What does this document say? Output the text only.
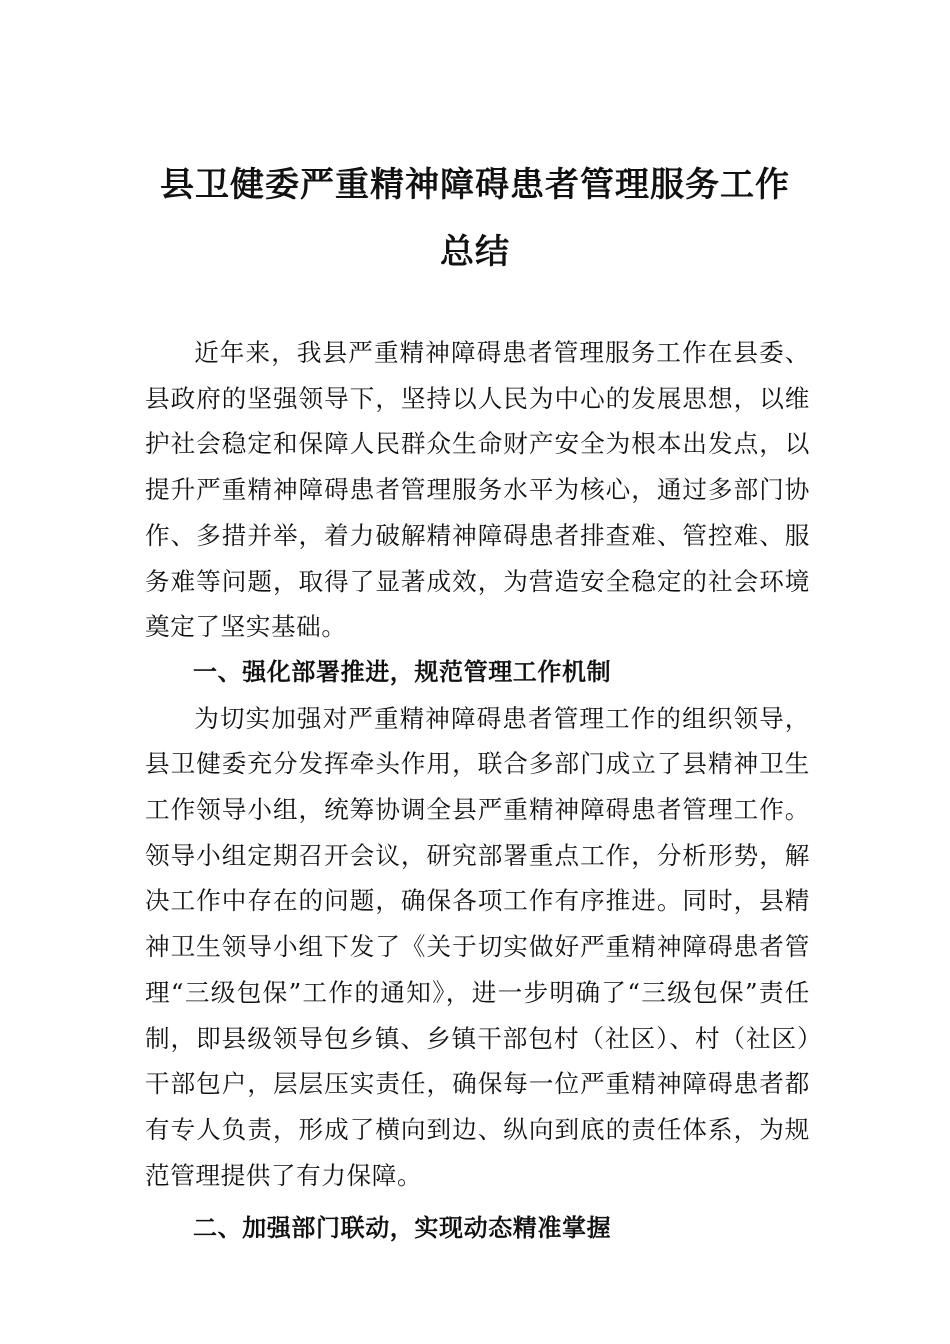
县卫健委严重精神障碍患者管理服务工作
总结

近年来，我县严重精神障碍患者管理服务工作在县委、县政府的坚强领导下，坚持以人民为中心的发展思想，以维护社会稳定和保障人民群众生命财产安全为根本出发点，以提升严重精神障碍患者管理服务水平为核心，通过多部门协作、多措并举，着力破解精神障碍患者排查难、管控难、服务难等问题，取得了显著成效，为营造安全稳定的社会环境奠定了坚实基础。

一、强化部署推进，规范管理工作机制

为切实加强对严重精神障碍患者管理工作的组织领导，县卫健委充分发挥牵头作用，联合多部门成立了县精神卫生工作领导小组，统筹协调全县严重精神障碍患者管理工作。领导小组定期召开会议，研究部署重点工作，分析形势，解决工作中存在的问题，确保各项工作有序推进。同时，县精神卫生领导小组下发了《关于切实做好严重精神障碍患者管理“三级包保”工作的通知》，进一步明确了“三级包保”责任制，即县级领导包乡镇、乡镇干部包村（社区）、村（社区）干部包户，层层压实责任，确保每一位严重精神障碍患者都有专人负责，形成了横向到边、纵向到底的责任体系，为规范管理提供了有力保障。

二、加强部门联动，实现动态精准掌握
